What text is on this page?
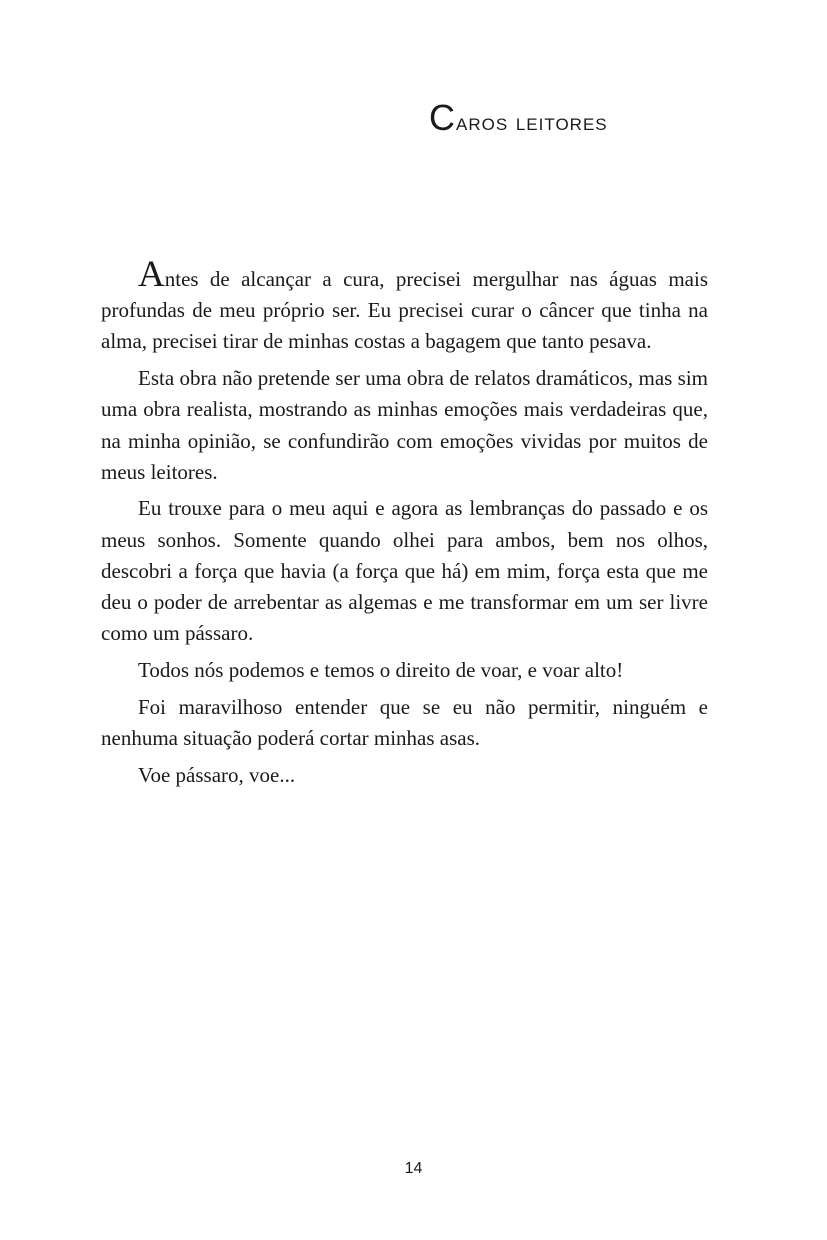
Caros leitores

Antes de alcançar a cura, precisei mergulhar nas águas mais profundas de meu próprio ser. Eu precisei curar o câncer que tinha na alma, precisei tirar de minhas costas a bagagem que tanto pesava.

Esta obra não pretende ser uma obra de relatos dramáticos, mas sim uma obra realista, mostrando as minhas emoções mais verdadeiras que, na minha opinião, se confundirão com emoções vividas por muitos de meus leitores.

Eu trouxe para o meu aqui e agora as lembranças do passado e os meus sonhos. Somente quando olhei para ambos, bem nos olhos, descobri a força que havia (a força que há) em mim, força esta que me deu o poder de arrebentar as algemas e me transformar em um ser livre como um pássaro.

Todos nós podemos e temos o direito de voar, e voar alto!

Foi maravilhoso entender que se eu não permitir, ninguém e nenhuma situação poderá cortar minhas asas.

Voe pássaro, voe...

14
